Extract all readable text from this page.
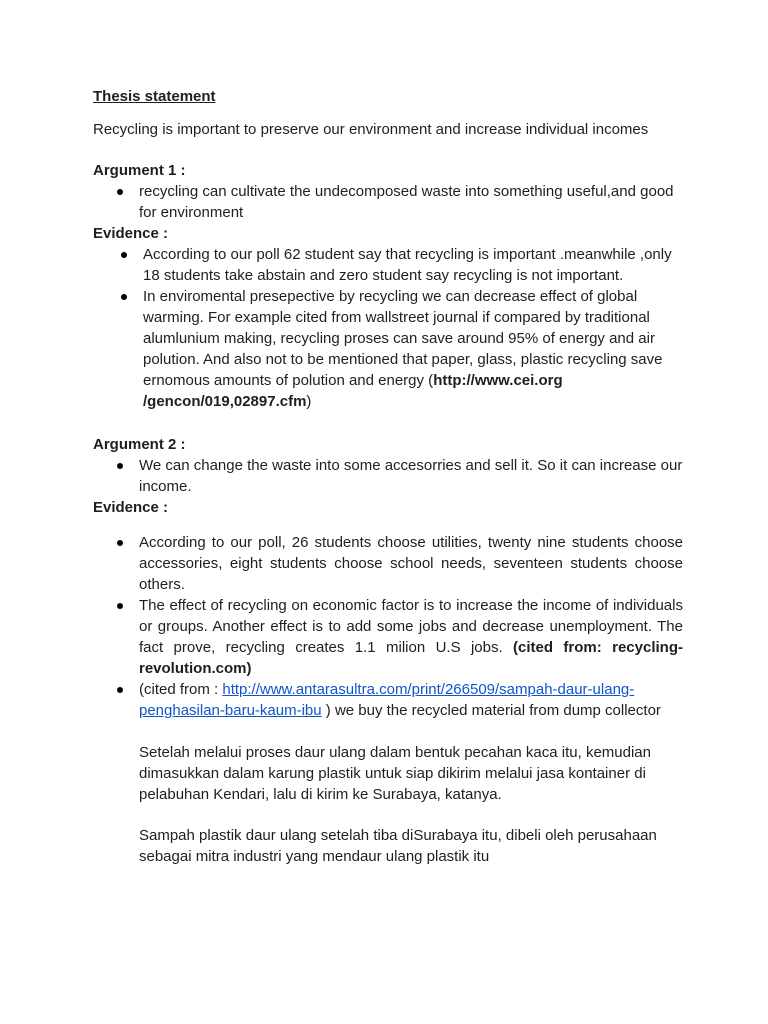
Thesis statement

Recycling is important to preserve our environment and increase individual incomes

Argument 1 :

recycling can cultivate the undecomposed waste into something useful,and good for environment

Evidence :

According to our poll 62 student say that recycling is important .meanwhile ,only 18 students take abstain and zero student say recycling is not important.
In enviromental presepective by recycling we can decrease effect of global warming. For example cited from wallstreet journal if compared by traditional alumlunium making, recycling proses can save around 95% of energy and air polution. And also not to be mentioned that paper, glass, plastic recycling save ernomous amounts of polution and energy (http://www.cei.org /gencon/019,02897.cfm)

Argument 2 :

We can change the waste into some accesorries and sell it. So it can increase our income.

Evidence :

According to our poll, 26 students choose utilities, twenty nine students choose accessories, eight students choose school needs, seventeen students choose others.
The effect of recycling on economic factor is to increase the income of individuals or groups. Another effect is to add some jobs and decrease unemployment. The fact prove, recycling creates 1.1 milion U.S jobs. (cited from: recycling-revolution.com)
(cited from : http://www.antarasultra.com/print/266509/sampah-daur-ulang-penghasilan-baru-kaum-ibu ) we buy the recycled material from dump collector

Setelah melalui proses daur ulang dalam bentuk pecahan kaca itu, kemudian dimasukkan dalam karung plastik untuk siap dikirim melalui jasa kontainer di pelabuhan Kendari, lalu di kirim ke Surabaya, katanya.

Sampah plastik daur ulang setelah tiba diSurabaya itu, dibeli oleh perusahaan sebagai mitra industri yang mendaur ulang plastik itu
